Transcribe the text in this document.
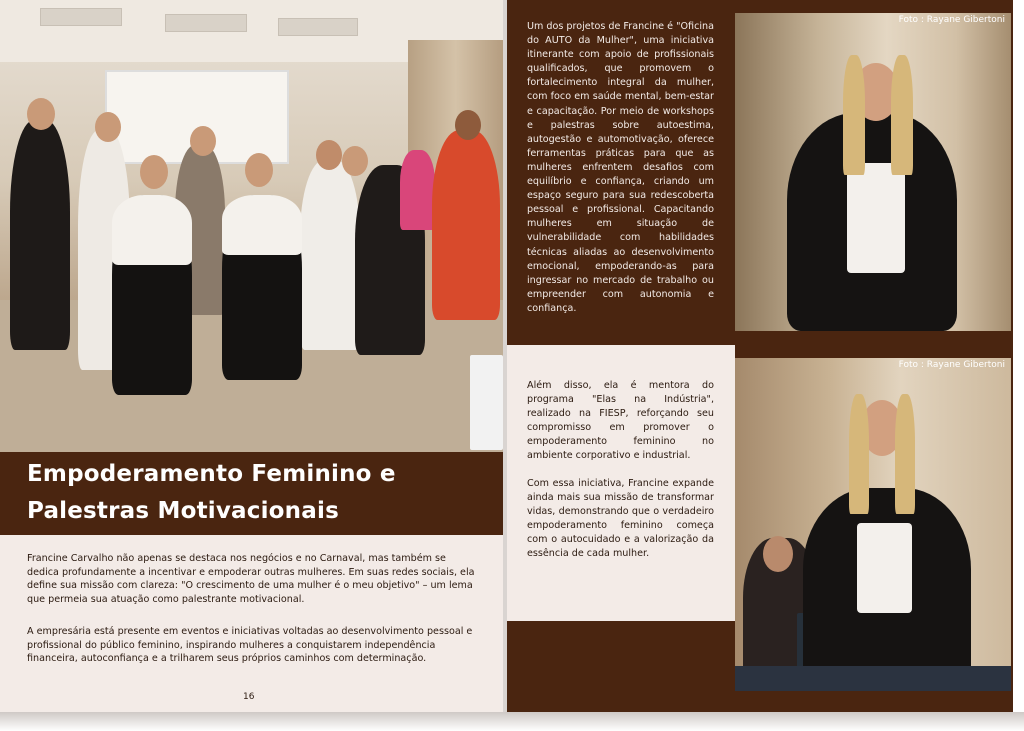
Empoderamento Feminino e Palestras Motivacionais

Francine Carvalho não apenas se destaca nos negócios e no Carnaval, mas também se dedica profundamente a incentivar e empoderar outras mulheres. Em suas redes sociais, ela define sua missão com clareza: "O crescimento de uma mulher é o meu objetivo" – um lema que permeia sua atuação como palestrante motivacional.

A empresária está presente em eventos e iniciativas voltadas ao desenvolvimento pessoal e profissional do público feminino, inspirando mulheres a conquistarem independência financeira, autoconfiança e a trilharem seus próprios caminhos com determinação.

16

Um dos projetos de Francine é "Oficina do AUTO da Mulher", uma iniciativa itinerante com apoio de profissionais qualificados, que promovem o fortalecimento integral da mulher, com foco em saúde mental, bem-estar e capacitação. Por meio de workshops e palestras sobre autoestima, autogestão e automotivação, oferece ferramentas práticas para que as mulheres enfrentem desafios com equilíbrio e confiança, criando um espaço seguro para sua redescoberta pessoal e profissional. Capacitando mulheres em situação de vulnerabilidade com habilidades técnicas aliadas ao desenvolvimento emocional, empoderando-as para ingressar no mercado de trabalho ou empreender com autonomia e confiança.

Foto : Rayane Gibertoni

Além disso, ela é mentora do programa "Elas na Indústria", realizado na FIESP, reforçando seu compromisso em promover o empoderamento feminino no ambiente corporativo e industrial.

Com essa iniciativa, Francine expande ainda mais sua missão de transformar vidas, demonstrando que o verdadeiro empoderamento feminino começa com o autocuidado e a valorização da essência de cada mulher.

Foto : Rayane Gibertoni
